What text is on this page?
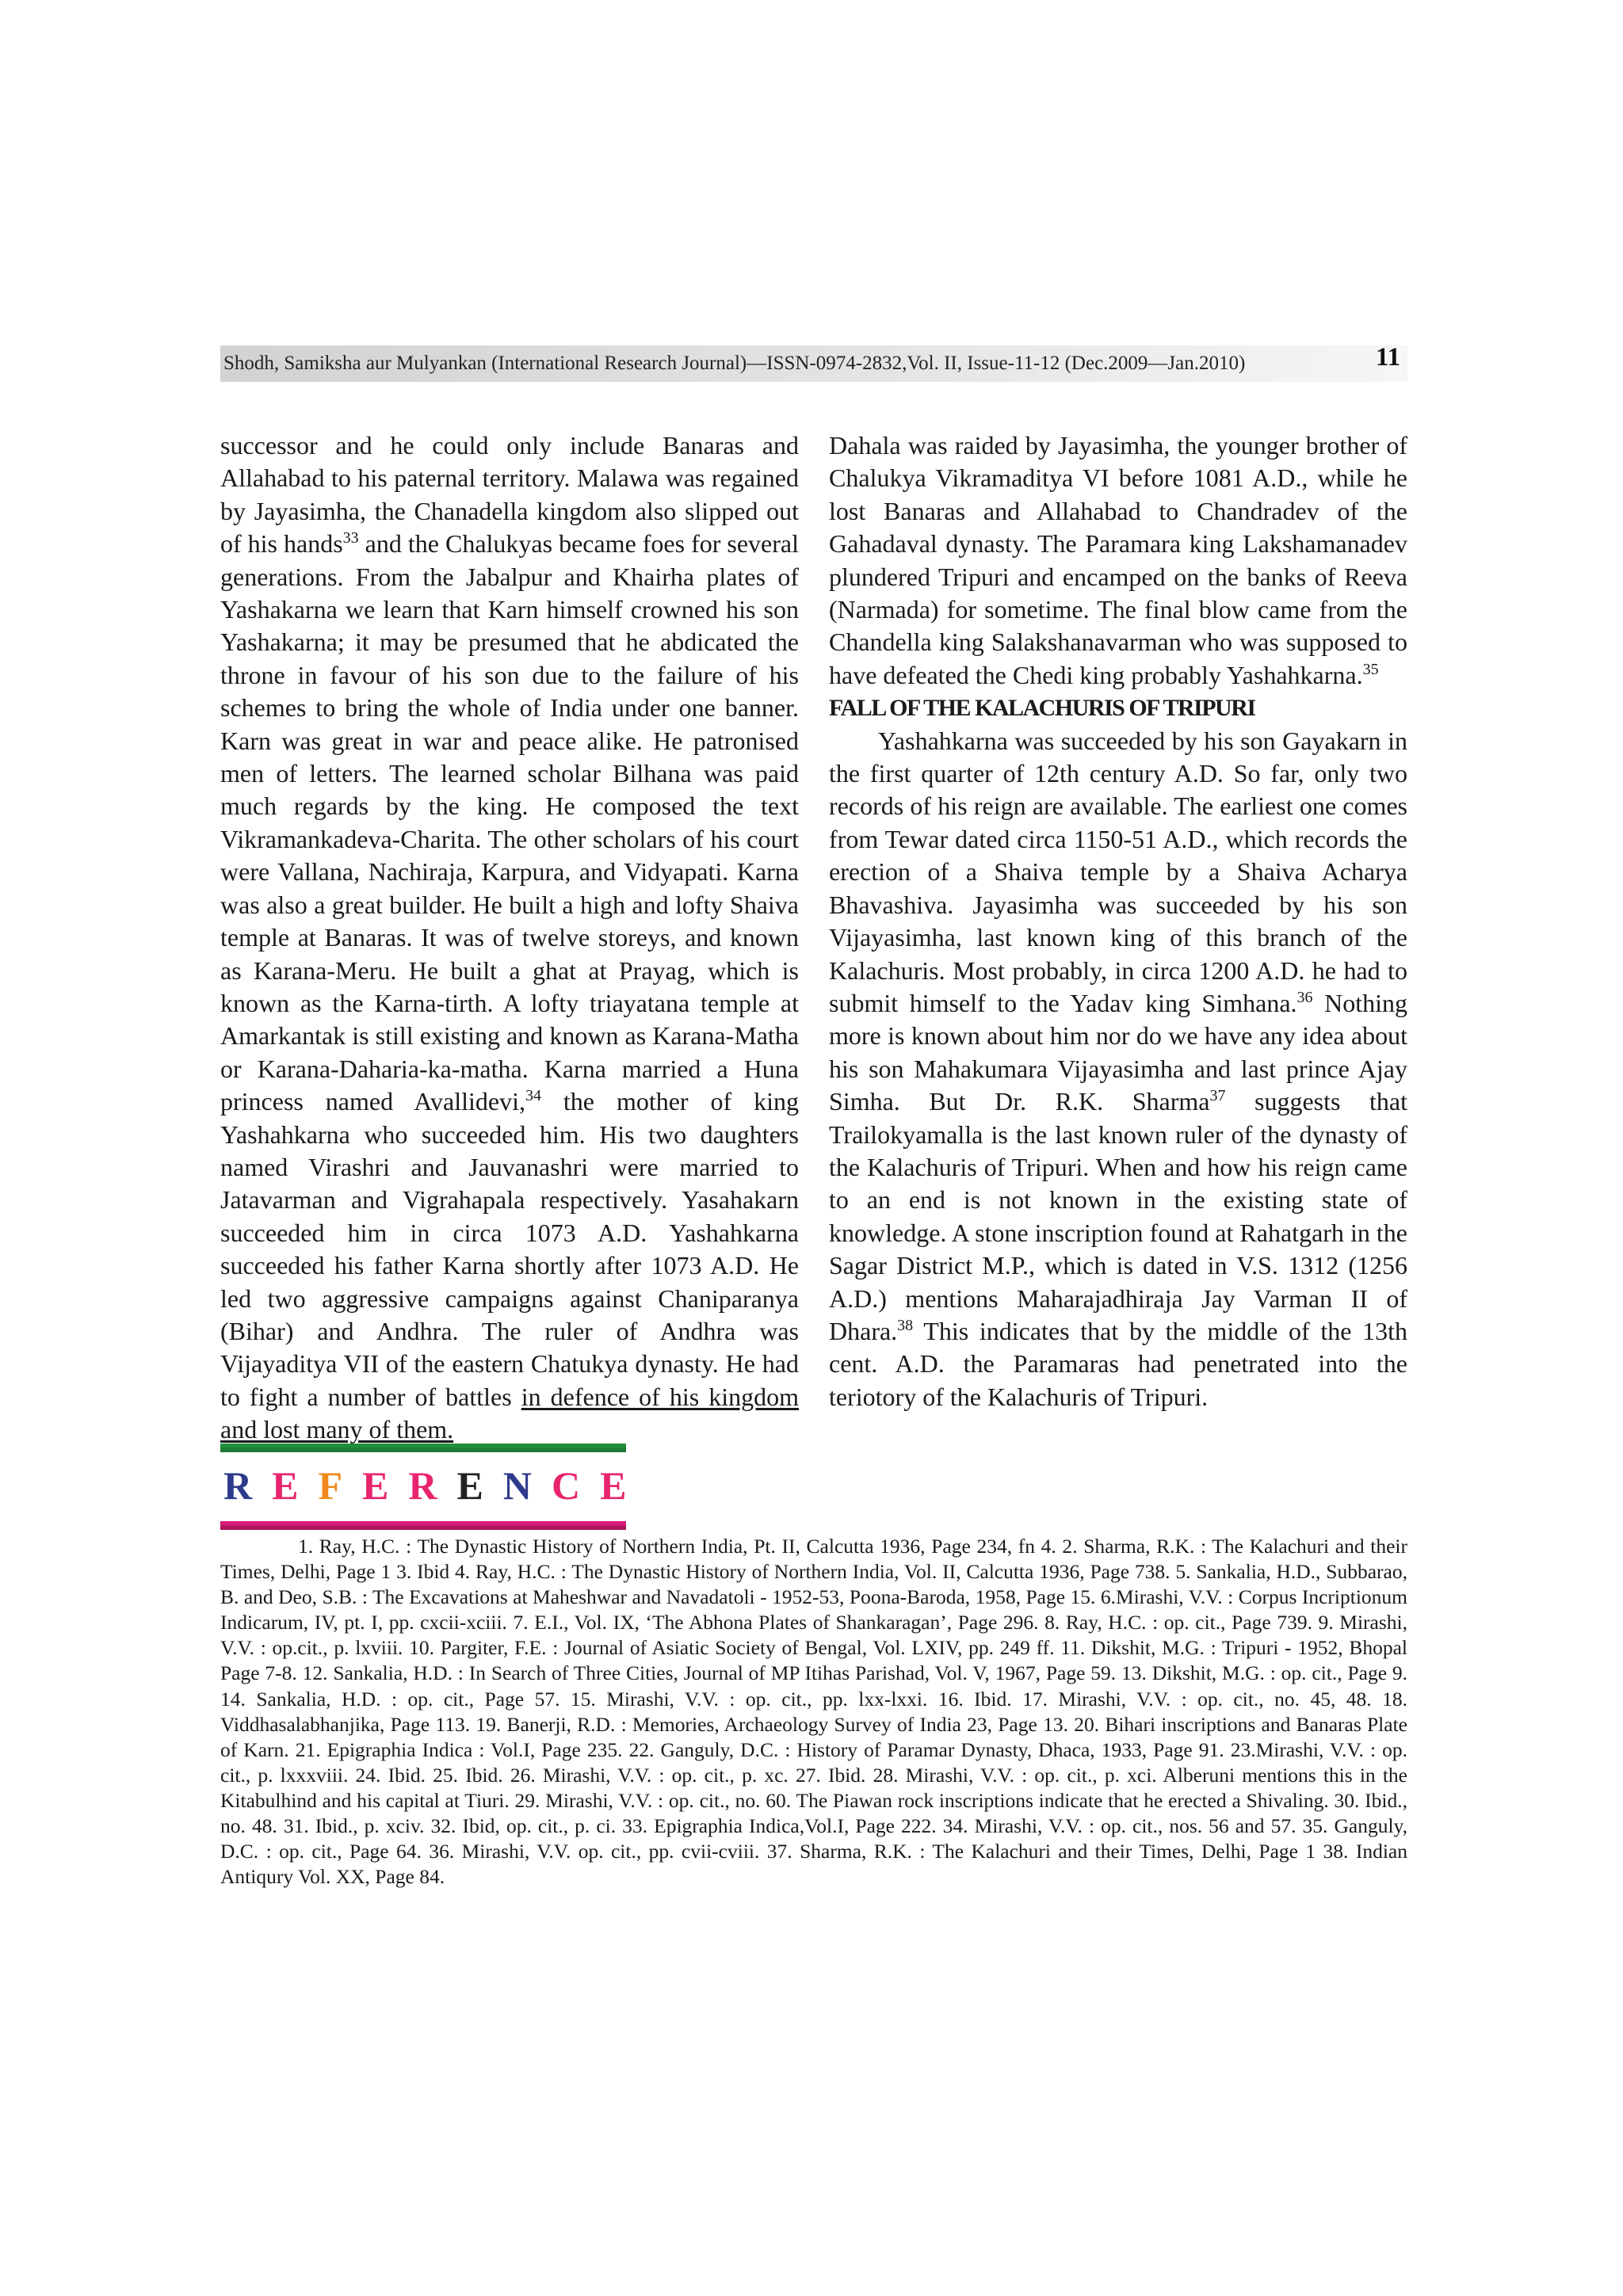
Shodh, Samiksha aur Mulyankan (International Research Journal)—ISSN-0974-2832,Vol. II, Issue-11-12 (Dec.2009—Jan.2010)	11

successor and he could only include Banaras and Allahabad to his paternal territory. Malawa was regained by Jayasimha, the Chanadella kingdom also slipped out of his hands$^{33}$ and the Chalukyas became foes for several generations. From the Jabalpur and Khairha plates of Yashakarna we learn that Karn himself crowned his son Yashakarna; it may be presumed that he abdicated the throne in favour of his son due to the failure of his schemes to bring the whole of India under one banner. Karn was great in war and peace alike. He patronised men of letters. The learned scholar Bilhana was paid much regards by the king. He composed the text Vikramankadeva-Charita. The other scholars of his court were Vallana, Nachiraja, Karpura, and Vidyapati. Karna was also a great builder. He built a high and lofty Shaiva temple at Banaras. It was of twelve storeys, and known as Karana-Meru. He built a ghat at Prayag, which is known as the Karna-tirth. A lofty triayatana temple at Amarkantak is still existing and known as Karana-Matha or Karana-Daharia-ka-matha. Karna married a Huna princess named Avallidevi,$^{34}$ the mother of king Yashahkarna who succeeded him. His two daughters named Virashri and Jauvanashri were married to Jatavarman and Vigrahapala respectively. Yasahakarn succeeded him in circa 1073 A.D. Yashahkarna succeeded his father Karna shortly after 1073 A.D. He led two aggressive campaigns against Chaniparanya (Bihar) and Andhra. The ruler of Andhra was Vijayaditya VII of the eastern Chatukya dynasty. He had to fight a number of battles in defence of his kingdom and lost many of them.

Dahala was raided by Jayasimha, the younger brother of Chalukya Vikramaditya VI before 1081 A.D., while he lost Banaras and Allahabad to Chandradev of the Gahadaval dynasty. The Paramara king Lakshamanadev plundered Tripuri and encamped on the banks of Reeva (Narmada) for sometime. The final blow came from the Chandella king Salakshanavarman who was supposed to have defeated the Chedi king probably Yashahkarna.$^{35}$

FALL OF THE KALACHURIS OF TRIPURI

Yashahkarna was succeeded by his son Gayakarn in the first quarter of 12th century A.D. So far, only two records of his reign are available. The earliest one comes from Tewar dated circa 1150-51 A.D., which records the erection of a Shaiva temple by a Shaiva Acharya Bhavashiva. Jayasimha was succeeded by his son Vijayasimha, last known king of this branch of the Kalachuris. Most probably, in circa 1200 A.D. he had to submit himself to the Yadav king Simhana.$^{36}$ Nothing more is known about him nor do we have any idea about his son Mahakumara Vijayasimha and last prince Ajay Simha. But Dr. R.K. Sharma$^{37}$ suggests that Trailokyamalla is the last known ruler of the dynasty of the Kalachuris of Tripuri. When and how his reign came to an end is not known in the existing state of knowledge. A stone inscription found at Rahatgarh in the Sagar District M.P., which is dated in V.S. 1312 (1256 A.D.) mentions Maharajadhiraja Jay Varman II of Dhara.$^{38}$ This indicates that by the middle of the 13th cent. A.D. the Paramaras had penetrated into the teriotory of the Kalachuris of Tripuri.

R E F E R E N C E

1. Ray, H.C. : The Dynastic History of Northern India, Pt. II, Calcutta 1936, Page 234, fn 4. 2. Sharma, R.K. : The Kalachuri and their Times, Delhi, Page 1 3. Ibid 4. Ray, H.C. : The Dynastic History of Northern India, Vol. II, Calcutta 1936, Page 738. 5. Sankalia, H.D., Subbarao, B. and Deo, S.B. : The Excavations at Maheshwar and Navadatoli - 1952-53, Poona-Baroda, 1958, Page 15. 6.Mirashi, V.V. : Corpus Incriptionum Indicarum, IV, pt. I, pp. cxcii-xciii. 7. E.I., Vol. IX, ‘The Abhona Plates of Shankaragan’, Page 296. 8. Ray, H.C. : op. cit., Page 739. 9. Mirashi, V.V. : op.cit., p. lxviii. 10. Pargiter, F.E. : Journal of Asiatic Society of Bengal, Vol. LXIV, pp. 249 ff. 11. Dikshit, M.G. : Tripuri - 1952, Bhopal Page 7-8. 12. Sankalia, H.D. : In Search of Three Cities, Journal of MP Itihas Parishad, Vol. V, 1967, Page 59. 13. Dikshit, M.G. : op. cit., Page 9. 14. Sankalia, H.D. : op. cit., Page 57. 15. Mirashi, V.V. : op. cit., pp. lxx-lxxi. 16. Ibid. 17. Mirashi, V.V. : op. cit., no. 45, 48. 18. Viddhasalabhanjika, Page 113. 19. Banerji, R.D. : Memories, Archaeology Survey of India 23, Page 13. 20. Bihari inscriptions and Banaras Plate of Karn. 21. Epigraphia Indica : Vol.I, Page 235. 22. Ganguly, D.C. : History of Paramar Dynasty, Dhaca, 1933, Page 91. 23.Mirashi, V.V. : op. cit., p. lxxxviii. 24. Ibid. 25. Ibid. 26. Mirashi, V.V. : op. cit., p. xc. 27. Ibid. 28. Mirashi, V.V. : op. cit., p. xci. Alberuni mentions this in the Kitabulhind and his capital at Tiuri. 29. Mirashi, V.V. : op. cit., no. 60. The Piawan rock inscriptions indicate that he erected a Shivaling. 30. Ibid., no. 48. 31. Ibid., p. xciv. 32. Ibid, op. cit., p. ci. 33. Epigraphia Indica,Vol.I, Page 222. 34. Mirashi, V.V. : op. cit., nos. 56 and 57. 35. Ganguly, D.C. : op. cit., Page 64. 36. Mirashi, V.V. op. cit., pp. cvii-cviii. 37. Sharma, R.K. : The Kalachuri and their Times, Delhi, Page 1 38. Indian Antiqury Vol. XX, Page 84.
